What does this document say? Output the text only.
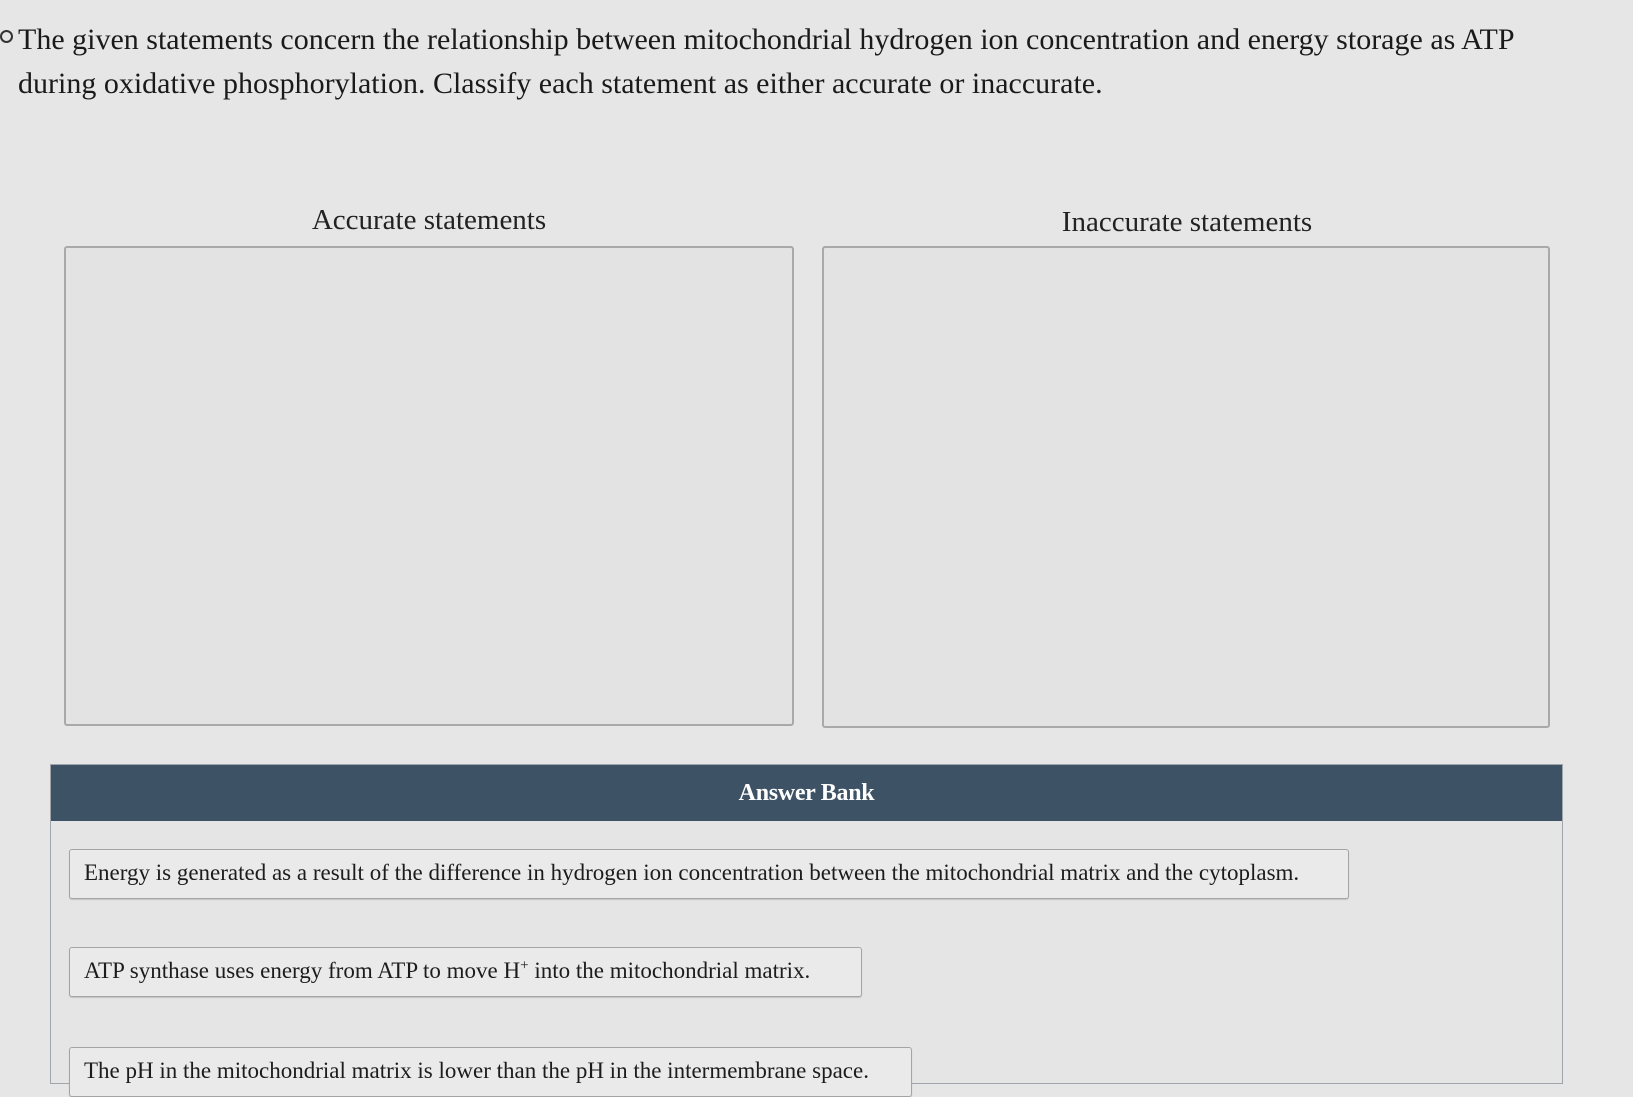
The given statements concern the relationship between mitochondrial hydrogen ion concentration and energy storage as ATP during oxidative phosphorylation. Classify each statement as either accurate or inaccurate.
Accurate statements	Inaccurate statements
Answer Bank
Energy is generated as a result of the difference in hydrogen ion concentration between the mitochondrial matrix and the cytoplasm.
ATP synthase uses energy from ATP to move H+ into the mitochondrial matrix.
The pH in the mitochondrial matrix is lower than the pH in the intermembrane space.
